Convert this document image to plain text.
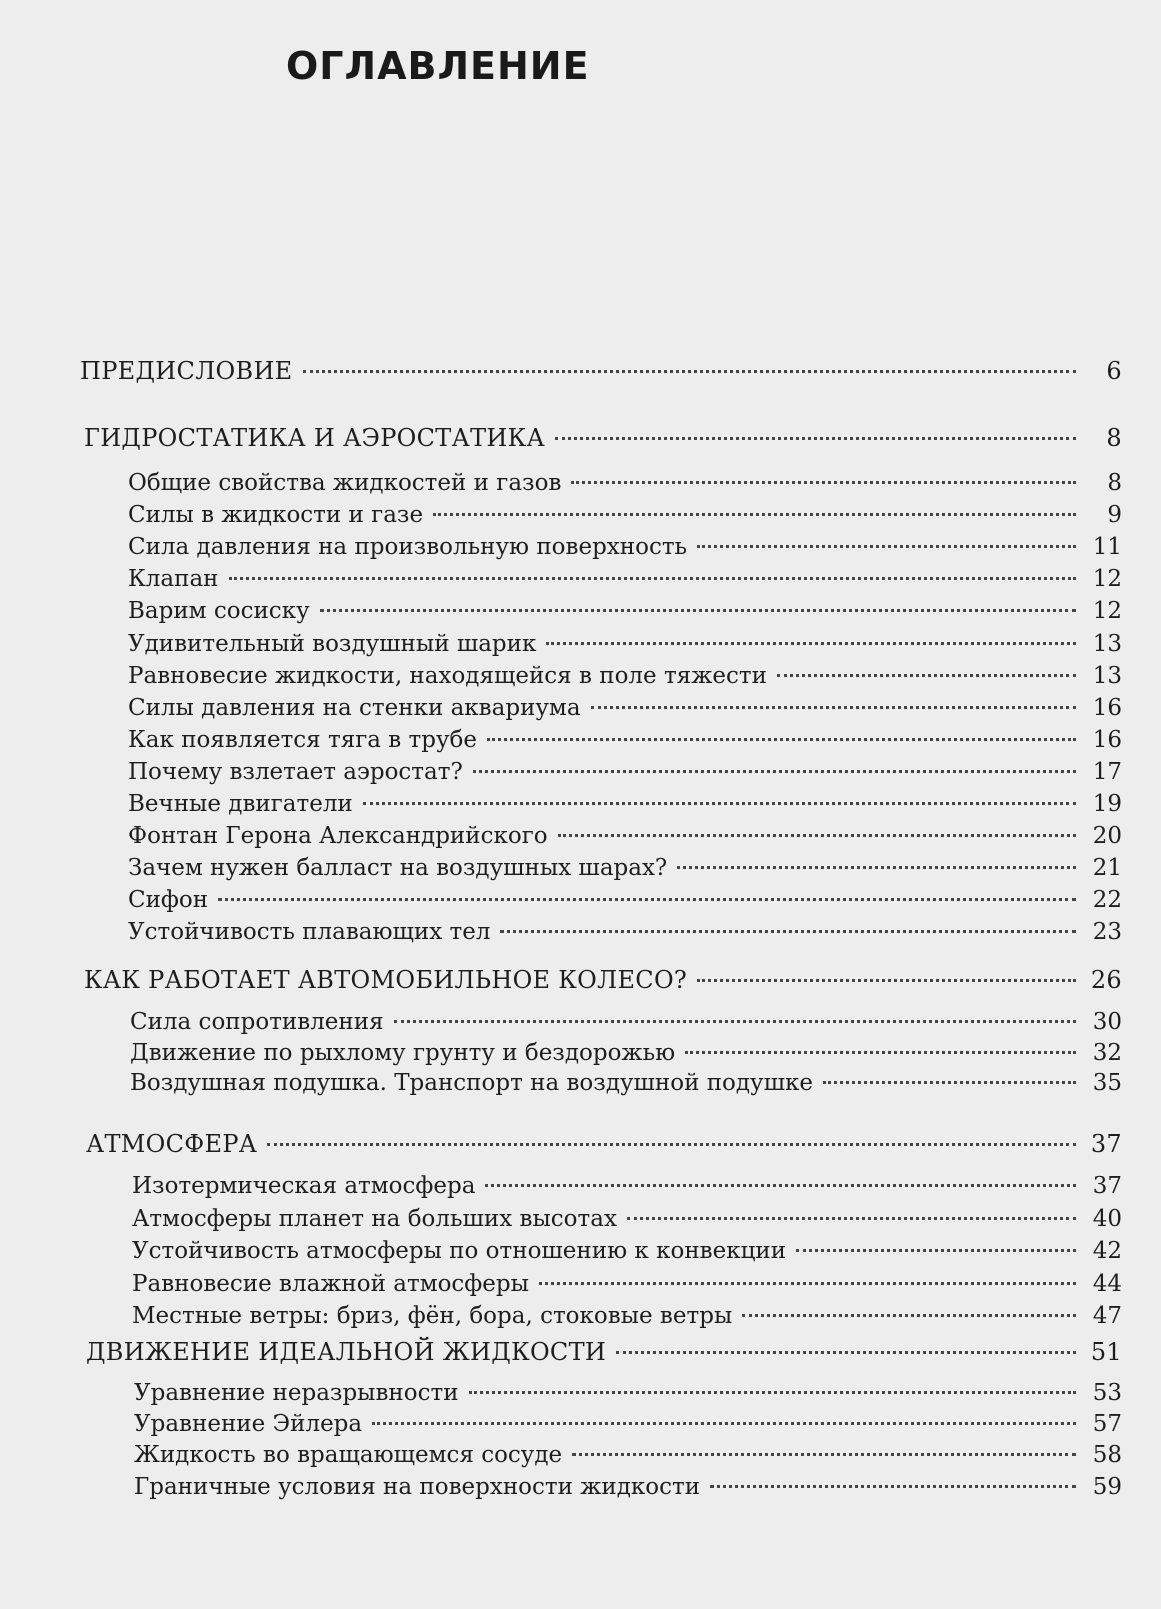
ОГЛАВЛЕНИЕ
ПРЕДИСЛОВИЕ	6
ГИДРОСТАТИКА И АЭРОСТАТИКА	8
Общие свойства жидкостей и газов	8
Силы в жидкости и газе	9
Сила давления на произвольную поверхность	11
Клапан	12
Варим сосиску	12
Удивительный воздушный шарик	13
Равновесие жидкости, находящейся в поле тяжести	13
Силы давления на стенки аквариума	16
Как появляется тяга в трубе	16
Почему взлетает аэростат?	17
Вечные двигатели	19
Фонтан Герона Александрийского	20
Зачем нужен балласт на воздушных шарах?	21
Сифон	22
Устойчивость плавающих тел	23
КАК РАБОТАЕТ АВТОМОБИЛЬНОЕ КОЛЕСО?	26
Сила сопротивления	30
Движение по рыхлому грунту и бездорожью	32
Воздушная подушка. Транспорт на воздушной подушке	35
АТМОСФЕРА	37
Изотермическая атмосфера	37
Атмосферы планет на больших высотах	40
Устойчивость атмосферы по отношению к конвекции	42
Равновесие влажной атмосферы	44
Местные ветры: бриз, фён, бора, стоковые ветры	47
ДВИЖЕНИЕ ИДЕАЛЬНОЙ ЖИДКОСТИ	51
Уравнение неразрывности	53
Уравнение Эйлера	57
Жидкость во вращающемся сосуде	58
Граничные условия на поверхности жидкости	59
